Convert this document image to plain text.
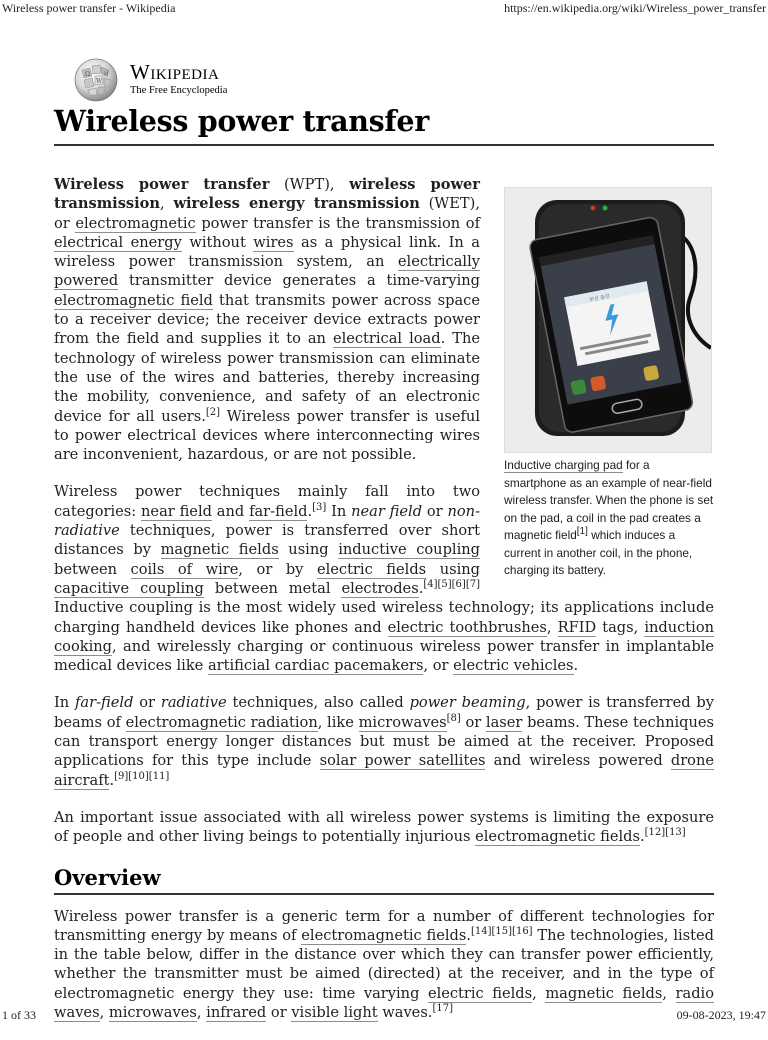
Wireless power transfer - Wikipedia	https://en.wikipedia.org/wiki/Wireless_power_transfer
Ω
W
И Wikipedia
The Free Encyclopedia
Wireless power transfer
무선 충전
Inductive charging pad for a smartphone as an example of near-field wireless transfer. When the phone is set on the pad, a coil in the pad creates a magnetic field[1] which induces a current in another coil, in the phone, charging its battery.

Wireless power transfer (WPT), wireless power transmission, wireless energy transmission (WET), or electromagnetic power transfer is the transmission of electrical energy without wires as a physical link. In a wireless power transmission system, an electrically powered transmitter device generates a time-varying electromagnetic field that transmits power across space to a receiver device; the receiver device extracts power from the field and supplies it to an electrical load. The technology of wireless power transmission can eliminate the use of the wires and batteries, thereby increasing the mobility, convenience, and safety of an electronic device for all users.[2] Wireless power transfer is useful to power electrical devices where interconnecting wires are inconvenient, hazardous, or are not possible.

Wireless power techniques mainly fall into two categories: near field and far-field.[3] In near field or non-radiative techniques, power is transferred over short distances by magnetic fields using inductive coupling between coils of wire, or by electric fields using capacitive coupling between metal electrodes.[4][5][6][7] Inductive coupling is the most widely used wireless technology; its applications include charging handheld devices like phones and electric toothbrushes, RFID tags, induction cooking, and wirelessly charging or continuous wireless power transfer in implantable medical devices like artificial cardiac pacemakers, or electric vehicles.

In far-field or radiative techniques, also called power beaming, power is transferred by beams of electromagnetic radiation, like microwaves[8] or laser beams. These techniques can transport energy longer distances but must be aimed at the receiver. Proposed applications for this type include solar power satellites and wireless powered drone aircraft.[9][10][11]

An important issue associated with all wireless power systems is limiting the exposure of people and other living beings to potentially injurious electromagnetic fields.[12][13]

Overview

Wireless power transfer is a generic term for a number of different technologies for transmitting energy by means of electromagnetic fields.[14][15][16] The technologies, listed in the table below, differ in the distance over which they can transfer power efficiently, whether the transmitter must be aimed (directed) at the receiver, and in the type of electromagnetic energy they use: time varying electric fields, magnetic fields, radio waves, microwaves, infrared or visible light waves.[17]

1 of 33	09-08-2023, 19:47
